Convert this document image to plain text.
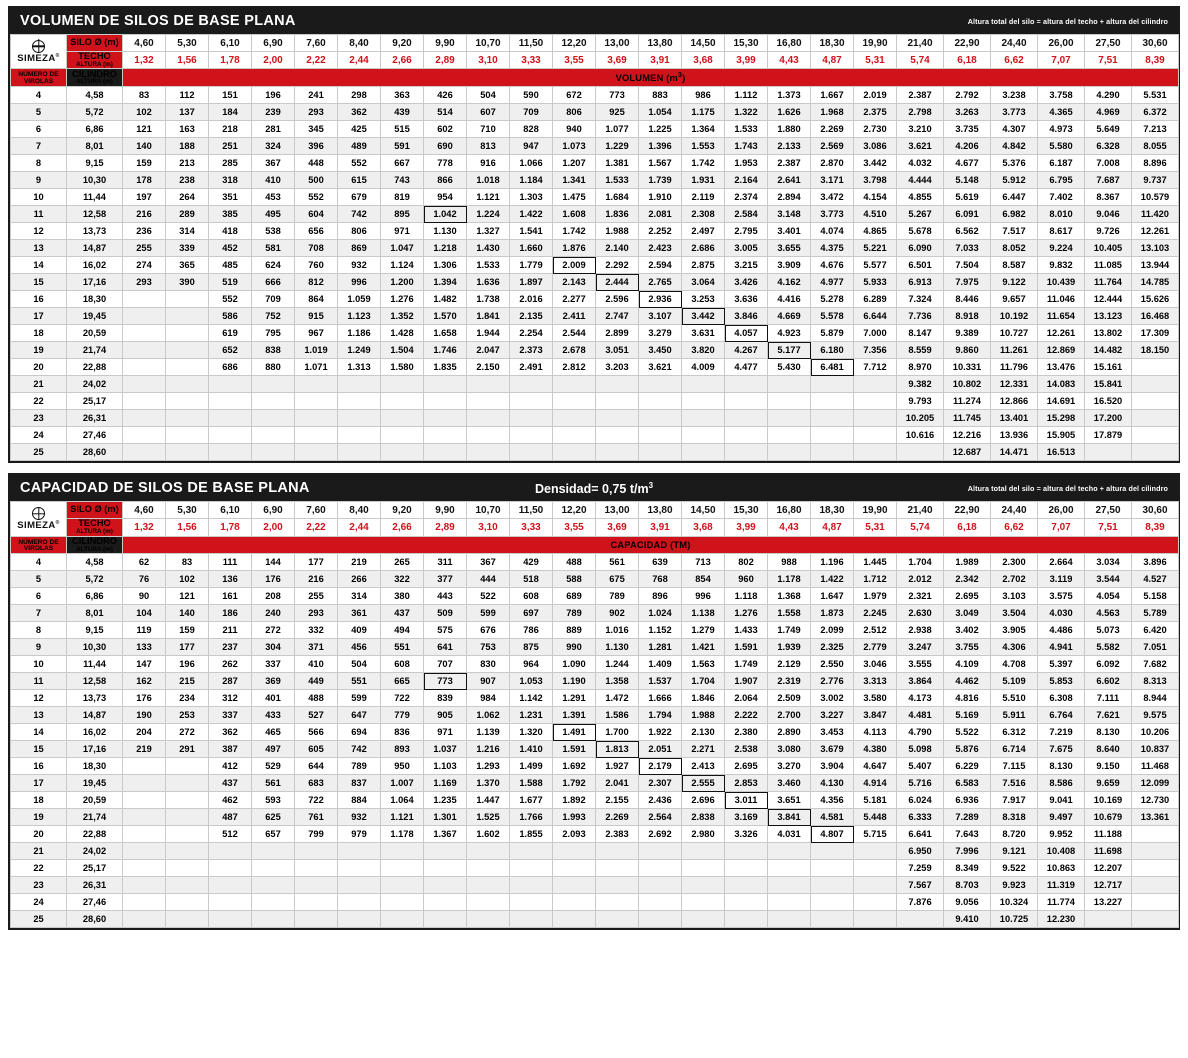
VOLUMEN DE SILOS DE BASE PLANA	Altura total del silo = altura del techo + altura del cilindro
SIMEZA®	SILO Ø (m)	4,60	5,30	6,10	6,90	7,60	8,40	9,20	9,90	10,70	11,50	12,20	13,00	13,80	14,50	15,30	16,80	18,30	19,90	21,40	22,90	24,40	26,00	27,50	30,60
	TECHO
ALTURA (m)	1,32	1,56	1,78	2,00	2,22	2,44	2,66	2,89	3,10	3,33	3,55	3,69	3,91	3,68	3,99	4,43	4,87	5,31	5,74	6,18	6,62	7,07	7,51	8,39
NÚMERO DE
VIROLAS	CILINDRO
ALTURA (m)	VOLUMEN $(m^3)$																							
4	4,58	83	112	151	196	241	298	363	426	504	590	672	773	883	986	1.112	1.373	1.667	2.019	2.387	2.792	3.238	3.758	4.290	5.531
5	5,72	102	137	184	239	293	362	439	514	607	709	806	925	1.054	1.175	1.322	1.626	1.968	2.375	2.798	3.263	3.773	4.365	4.969	6.372
6	6,86	121	163	218	281	345	425	515	602	710	828	940	1.077	1.225	1.364	1.533	1.880	2.269	2.730	3.210	3.735	4.307	4.973	5.649	7.213
7	8,01	140	188	251	324	396	489	591	690	813	947	1.073	1.229	1.396	1.553	1.743	2.133	2.569	3.086	3.621	4.206	4.842	5.580	6.328	8.055
8	9,15	159	213	285	367	448	552	667	778	916	1.066	1.207	1.381	1.567	1.742	1.953	2.387	2.870	3.442	4.032	4.677	5.376	6.187	7.008	8.896
9	10,30	178	238	318	410	500	615	743	866	1.018	1.184	1.341	1.533	1.739	1.931	2.164	2.641	3.171	3.798	4.444	5.148	5.912	6.795	7.687	9.737
10	11,44	197	264	351	453	552	679	819	954	1.121	1.303	1.475	1.684	1.910	2.119	2.374	2.894	3.472	4.154	4.855	5.619	6.447	7.402	8.367	10.579
11	12,58	216	289	385	495	604	742	895	1.042	1.224	1.422	1.608	1.836	2.081	2.308	2.584	3.148	3.773	4.510	5.267	6.091	6.982	8.010	9.046	11.420
12	13,73	236	314	418	538	656	806	971	1.130	1.327	1.541	1.742	1.988	2.252	2.497	2.795	3.401	4.074	4.865	5.678	6.562	7.517	8.617	9.726	12.261
13	14,87	255	339	452	581	708	869	1.047	1.218	1.430	1.660	1.876	2.140	2.423	2.686	3.005	3.655	4.375	5.221	6.090	7.033	8.052	9.224	10.405	13.103
14	16,02	274	365	485	624	760	932	1.124	1.306	1.533	1.779	2.009	2.292	2.594	2.875	3.215	3.909	4.676	5.577	6.501	7.504	8.587	9.832	11.085	13.944
15	17,16	293	390	519	666	812	996	1.200	1.394	1.636	1.897	2.143	2.444	2.765	3.064	3.426	4.162	4.977	5.933	6.913	7.975	9.122	10.439	11.764	14.785
16	18,30			552	709	864	1.059	1.276	1.482	1.738	2.016	2.277	2.596	2.936	3.253	3.636	4.416	5.278	6.289	7.324	8.446	9.657	11.046	12.444	15.626
17	19,45			586	752	915	1.123	1.352	1.570	1.841	2.135	2.411	2.747	3.107	3.442	3.846	4.669	5.578	6.644	7.736	8.918	10.192	11.654	13.123	16.468
18	20,59			619	795	967	1.186	1.428	1.658	1.944	2.254	2.544	2.899	3.279	3.631	4.057	4.923	5.879	7.000	8.147	9.389	10.727	12.261	13.802	17.309
19	21,74			652	838	1.019	1.249	1.504	1.746	2.047	2.373	2.678	3.051	3.450	3.820	4.267	5.177	6.180	7.356	8.559	9.860	11.261	12.869	14.482	18.150
20	22,88			686	880	1.071	1.313	1.580	1.835	2.150	2.491	2.812	3.203	3.621	4.009	4.477	5.430	6.481	7.712	8.970	10.331	11.796	13.476	15.161	
21	24,02																			9.382	10.802	12.331	14.083	15.841	
22	25,17																			9.793	11.274	12.866	14.691	16.520	
23	26,31																			10.205	11.745	13.401	15.298	17.200	
24	27,46																			10.616	12.216	13.936	15.905	17.879	
25	28,60																				12.687	14.471	16.513		
CAPACIDAD DE SILOS DE BASE PLANA	Densidad= 0,75 $t/m^3$	Altura total del silo = altura del techo + altura del cilindro
SIMEZA®	SILO Ø (m)	4,60	5,30	6,10	6,90	7,60	8,40	9,20	9,90	10,70	11,50	12,20	13,00	13,80	14,50	15,30	16,80	18,30	19,90	21,40	22,90	24,40	26,00	27,50	30,60
	TECHO
ALTURA (m)	1,32	1,56	1,78	2,00	2,22	2,44	2,66	2,89	3,10	3,33	3,55	3,69	3,91	3,68	3,99	4,43	4,87	5,31	5,74	6,18	6,62	7,07	7,51	8,39
NÚMERO DE
VIROLAS	CILINDRO
ALTURA (m)	CAPACIDAD (TM)																							
4	4,58	62	83	111	144	177	219	265	311	367	429	488	561	639	713	802	988	1.196	1.445	1.704	1.989	2.300	2.664	3.034	3.896
5	5,72	76	102	136	176	216	266	322	377	444	518	588	675	768	854	960	1.178	1.422	1.712	2.012	2.342	2.702	3.119	3.544	4.527
6	6,86	90	121	161	208	255	314	380	443	522	608	689	789	896	996	1.118	1.368	1.647	1.979	2.321	2.695	3.103	3.575	4.054	5.158
7	8,01	104	140	186	240	293	361	437	509	599	697	789	902	1.024	1.138	1.276	1.558	1.873	2.245	2.630	3.049	3.504	4.030	4.563	5.789
8	9,15	119	159	211	272	332	409	494	575	676	786	889	1.016	1.152	1.279	1.433	1.749	2.099	2.512	2.938	3.402	3.905	4.486	5.073	6.420
9	10,30	133	177	237	304	371	456	551	641	753	875	990	1.130	1.281	1.421	1.591	1.939	2.325	2.779	3.247	3.755	4.306	4.941	5.582	7.051
10	11,44	147	196	262	337	410	504	608	707	830	964	1.090	1.244	1.409	1.563	1.749	2.129	2.550	3.046	3.555	4.109	4.708	5.397	6.092	7.682
11	12,58	162	215	287	369	449	551	665	773	907	1.053	1.190	1.358	1.537	1.704	1.907	2.319	2.776	3.313	3.864	4.462	5.109	5.853	6.602	8.313
12	13,73	176	234	312	401	488	599	722	839	984	1.142	1.291	1.472	1.666	1.846	2.064	2.509	3.002	3.580	4.173	4.816	5.510	6.308	7.111	8.944
13	14,87	190	253	337	433	527	647	779	905	1.062	1.231	1.391	1.586	1.794	1.988	2.222	2.700	3.227	3.847	4.481	5.169	5.911	6.764	7.621	9.575
14	16,02	204	272	362	465	566	694	836	971	1.139	1.320	1.491	1.700	1.922	2.130	2.380	2.890	3.453	4.113	4.790	5.522	6.312	7.219	8.130	10.206
15	17,16	219	291	387	497	605	742	893	1.037	1.216	1.410	1.591	1.813	2.051	2.271	2.538	3.080	3.679	4.380	5.098	5.876	6.714	7.675	8.640	10.837
16	18,30			412	529	644	789	950	1.103	1.293	1.499	1.692	1.927	2.179	2.413	2.695	3.270	3.904	4.647	5.407	6.229	7.115	8.130	9.150	11.468
17	19,45			437	561	683	837	1.007	1.169	1.370	1.588	1.792	2.041	2.307	2.555	2.853	3.460	4.130	4.914	5.716	6.583	7.516	8.586	9.659	12.099
18	20,59			462	593	722	884	1.064	1.235	1.447	1.677	1.892	2.155	2.436	2.696	3.011	3.651	4.356	5.181	6.024	6.936	7.917	9.041	10.169	12.730
19	21,74			487	625	761	932	1.121	1.301	1.525	1.766	1.993	2.269	2.564	2.838	3.169	3.841	4.581	5.448	6.333	7.289	8.318	9.497	10.679	13.361
20	22,88			512	657	799	979	1.178	1.367	1.602	1.855	2.093	2.383	2.692	2.980	3.326	4.031	4.807	5.715	6.641	7.643	8.720	9.952	11.188	
21	24,02																			6.950	7.996	9.121	10.408	11.698	
22	25,17																			7.259	8.349	9.522	10.863	12.207	
23	26,31																			7.567	8.703	9.923	11.319	12.717	
24	27,46																			7.876	9.056	10.324	11.774	13.227	
25	28,60																				9.410	10.725	12.230		
